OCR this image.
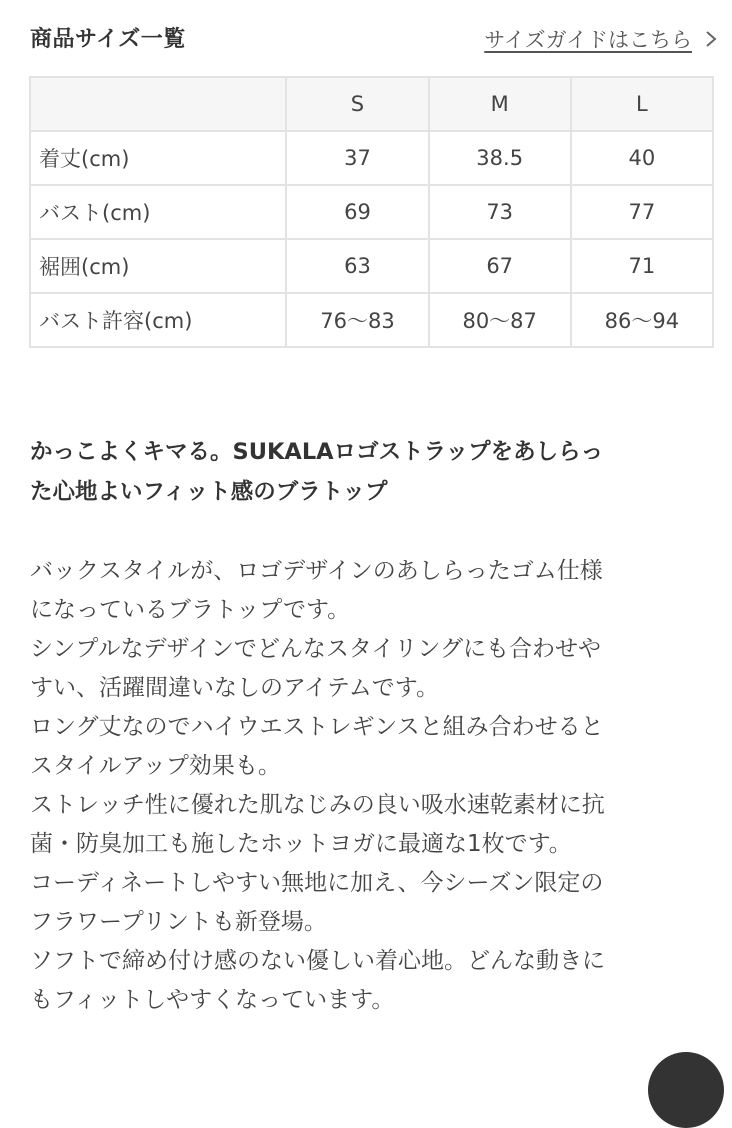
商品サイズ一覧	サイズガイドはこちら
	S	M	L
着丈(cm)	37	38.5	40
バスト(cm)	69	73	77
裾囲(cm)	63	67	71
バスト許容(cm)	76〜83	80〜87	86〜94
かっこよくキマる。SUKALAロゴストラップをあしらっ
た心地よいフィット感のブラトップ

バックスタイルが、ロゴデザインのあしらったゴム仕様

になっているブラトップです。

シンプルなデザインでどんなスタイリングにも合わせや

すい、活躍間違いなしのアイテムです。

ロング丈なのでハイウエストレギンスと組み合わせると

スタイルアップ効果も。

ストレッチ性に優れた肌なじみの良い吸水速乾素材に抗

菌・防臭加工も施したホットヨガに最適な1枚です。

コーディネートしやすい無地に加え、今シーズン限定の

フラワープリントも新登場。

ソフトで締め付け感のない優しい着心地。どんな動きに

もフィットしやすくなっています。
